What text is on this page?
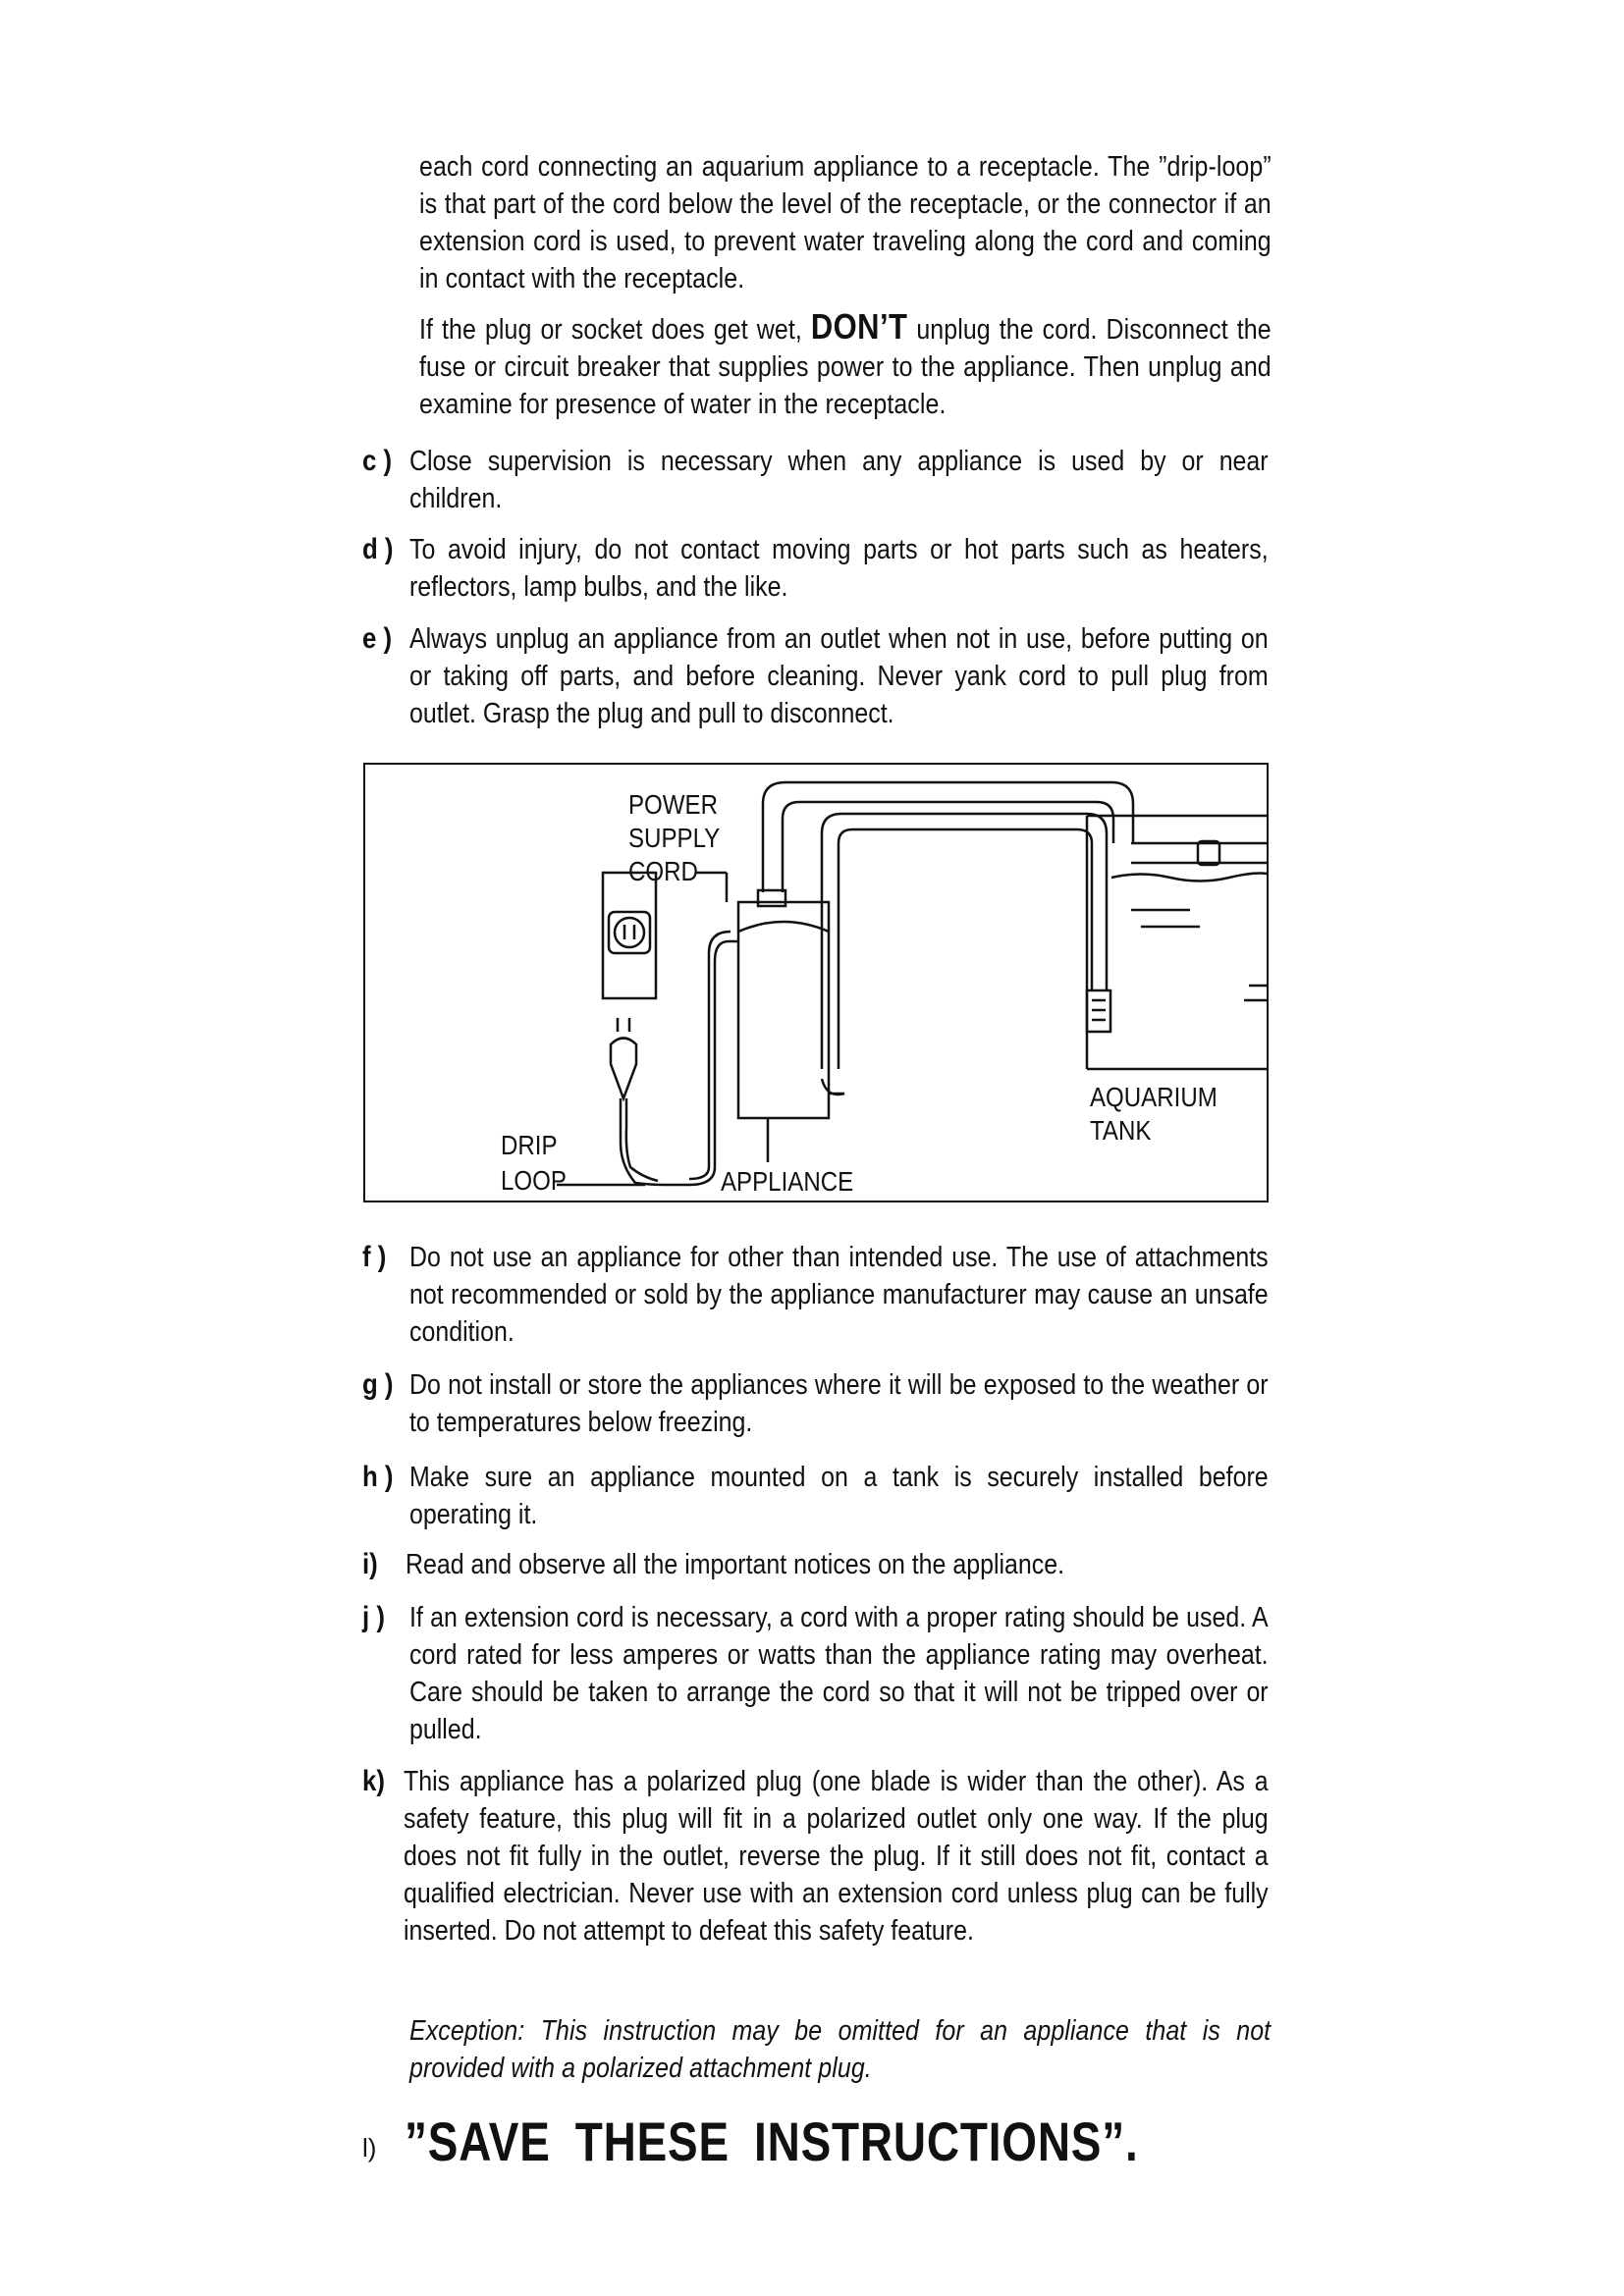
each cord connecting an aquarium appliance to a receptacle. The ”drip-loop” is that part of the cord below the level of the receptacle, or the connector if an extension cord is used, to prevent water traveling along the cord and coming in contact with the receptacle.

If the plug or socket does get wet, DON’T unplug the cord. Disconnect the fuse or circuit breaker that supplies power to the appliance. Then unplug and examine for presence of water in the receptacle.

c ) Close supervision is necessary when any appliance is used by or near children.
d ) To avoid injury, do not contact moving parts or hot parts such as heaters, reflectors, lamp bulbs, and the like.
e ) Always unplug an appliance from an outlet when not in use, before putting on or taking off parts, and before cleaning. Never yank cord to pull plug from outlet. Grasp the plug and pull to disconnect.
POWER
SUPPLY
CORD
DRIP
LOOP	APPLIANCE
AQUARIUM
TANK
f ) Do not use an appliance for other than intended use. The use of attachments not recommended or sold by the appliance manufacturer may cause an unsafe condition.
g ) Do not install or store the appliances where it will be exposed to the weather or to temperatures below freezing.
h ) Make sure an appliance mounted on a tank is securely installed before operating it.
i) Read and observe all the important notices on the appliance.
j ) If an extension cord is necessary, a cord with a proper rating should be used. A cord rated for less amperes or watts than the appliance rating may overheat. Care should be taken to arrange the cord so that it will not be tripped over or pulled.
k) This appliance has a polarized plug (one blade is wider than the other). As a safety feature, this plug will fit in a polarized outlet only one way. If the plug does not fit fully in the outlet, reverse the plug. If it still does not fit, contact a qualified electrician. Never use with an extension cord unless plug can be fully inserted. Do not attempt to defeat this safety feature.

Exception: This instruction may be omitted for an appliance that is not provided with a polarized attachment plug.

l) ”SAVE THESE INSTRUCTIONS”.
